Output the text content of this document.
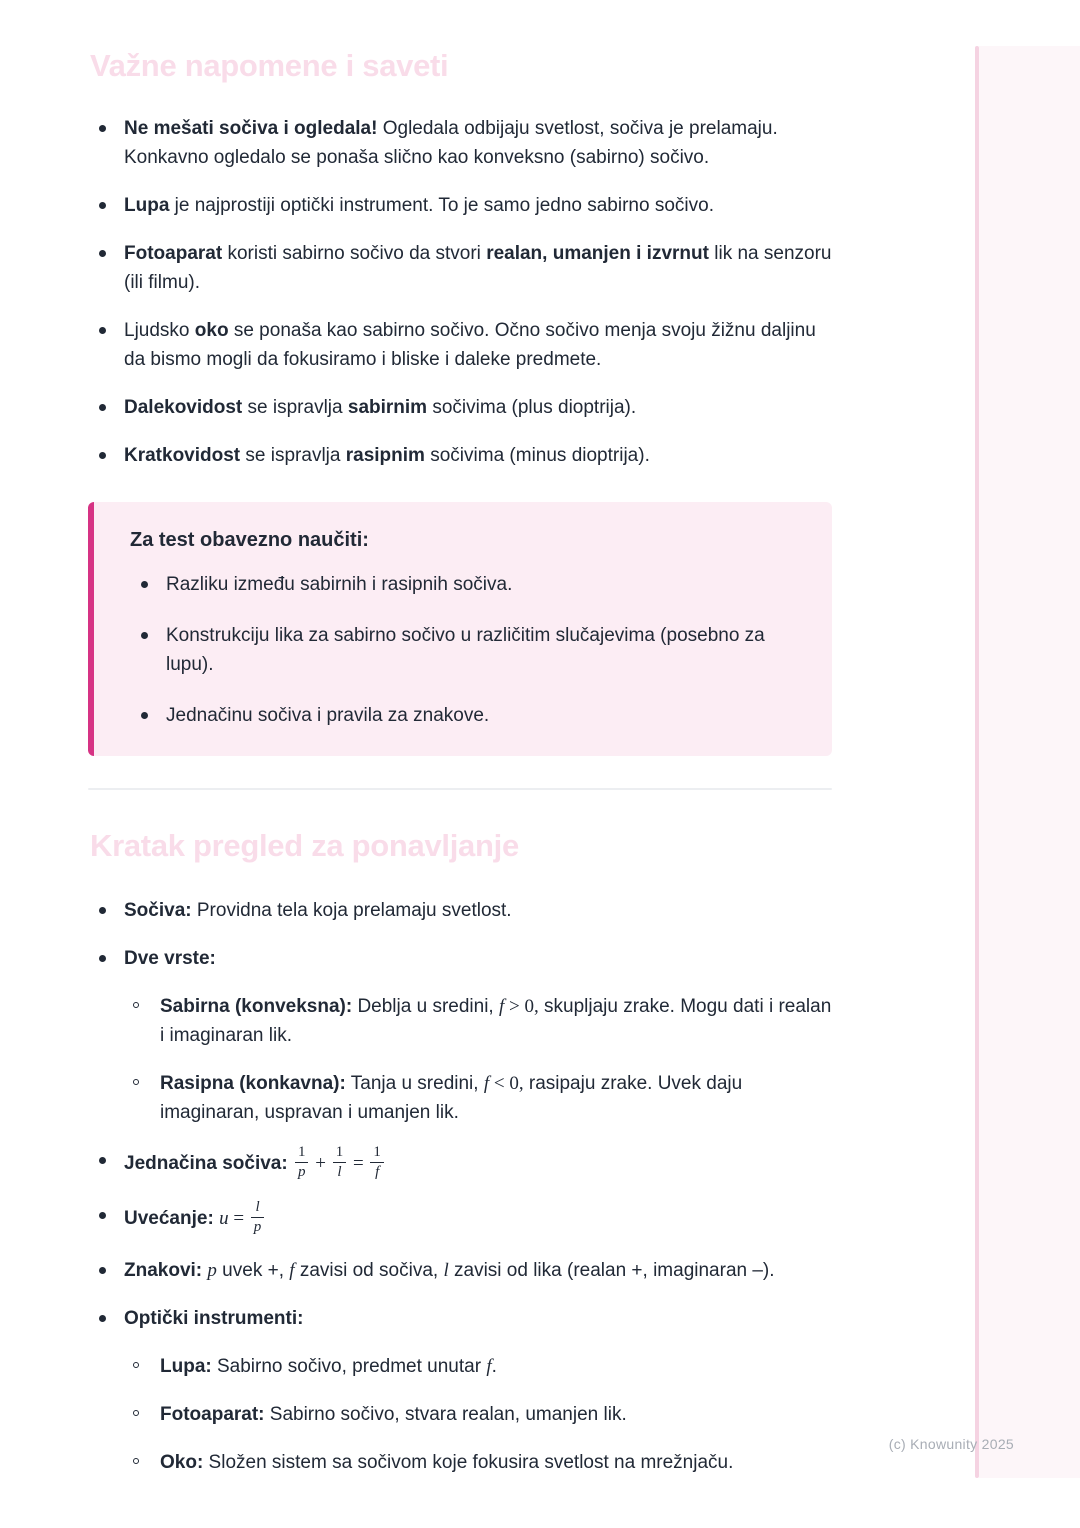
Važne napomene i saveti
Ne mešati sočiva i ogledala! Ogledala odbijaju svetlost, sočiva je prelamaju. Konkavno ogledalo se ponaša slično kao konveksno (sabirno) sočivo.
Lupa je najprostiji optički instrument. To je samo jedno sabirno sočivo.
Fotoaparat koristi sabirno sočivo da stvori realan, umanjen i izvrnut lik na senzoru (ili filmu).
Ljudsko oko se ponaša kao sabirno sočivo. Očno sočivo menja svoju žižnu daljinu da bismo mogli da fokusiramo i bliske i daleke predmete.
Dalekovidost se ispravlja sabirnim sočivima (plus dioptrija).
Kratkovidost se ispravlja rasipnim sočivima (minus dioptrija).
Za test obavezno naučiti:
Razliku između sabirnih i rasipnih sočiva.
Konstrukciju lika za sabirno sočivo u različitim slučajevima (posebno za lupu).
Jednačinu sočiva i pravila za znakove.
Kratak pregled za ponavljanje
Sočiva: Providna tela koja prelamaju svetlost.
Dve vrste:
Sabirna (konveksna): Deblja u sredini, f > 0, skupljaju zrake. Mogu dati i realan i imaginaran lik.
Rasipna (konkavna): Tanja u sredini, f < 0, rasipaju zrake. Uvek daju imaginaran, uspravan i umanjen lik.
Jednačina sočiva: $\frac{1}{p} + \frac{1}{l} = \frac{1}{f}$
Uvećanje: $u = \frac{l}{p}$
Znakovi: p uvek +, f zavisi od sočiva, l zavisi od lika (realan +, imaginaran –).
Optički instrumenti:
Lupa: Sabirno sočivo, predmet unutar f.
Fotoaparat: Sabirno sočivo, stvara realan, umanjen lik.
Oko: Složen sistem sa sočivom koje fokusira svetlost na mrežnjaču.
(c) Knowunity 2025
